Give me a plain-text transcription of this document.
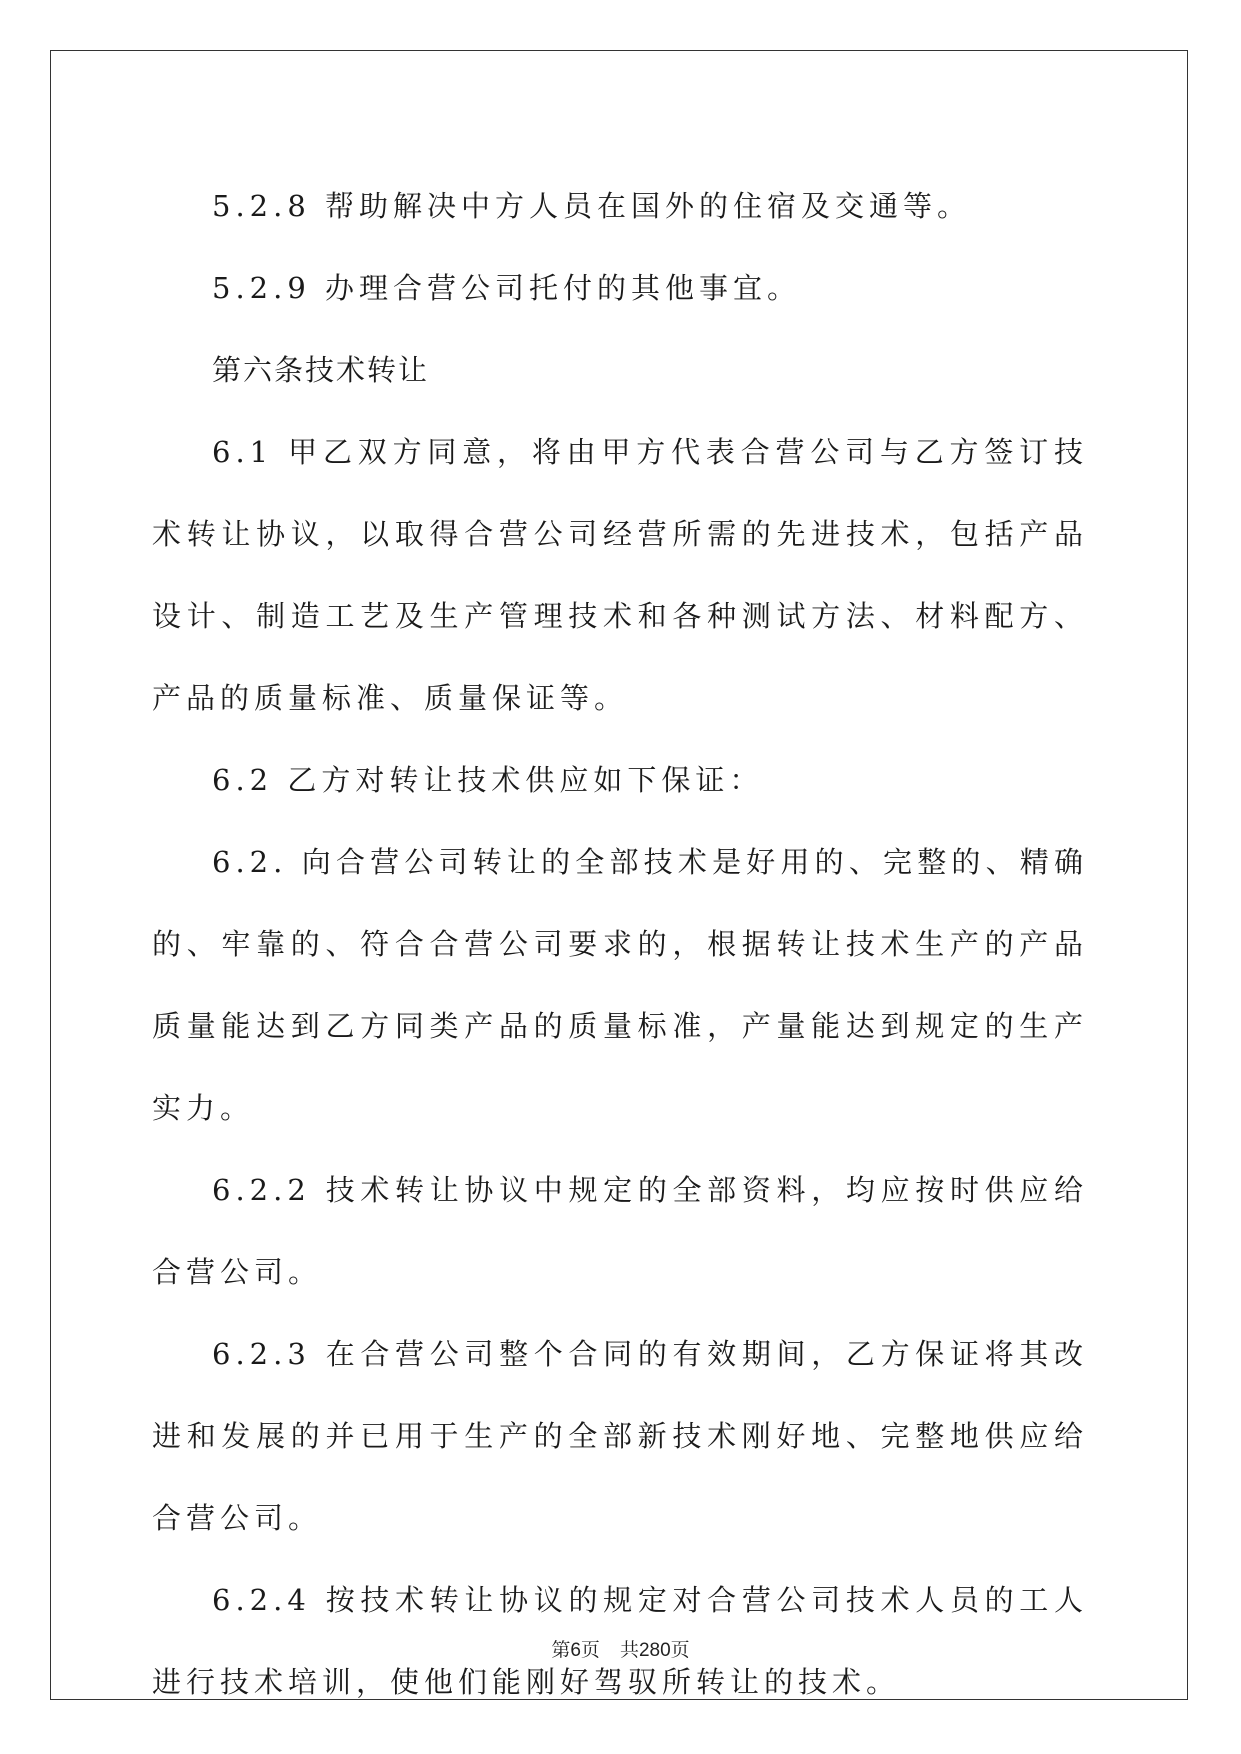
5.2.8 帮助解决中方人员在国外的住宿及交通等。

5.2.9 办理合营公司托付的其他事宜。

第六条技术转让

6.1 甲乙双方同意，将由甲方代表合营公司与乙方签订技术转让协议，以取得合营公司经营所需的先进技术，包括产品设计、制造工艺及生产管理技术和各种测试方法、材料配方、产品的质量标准、质量保证等。

6.2 乙方对转让技术供应如下保证：

6.2. 向合营公司转让的全部技术是好用的、完整的、精确的、牢靠的、符合合营公司要求的，根据转让技术生产的产品质量能达到乙方同类产品的质量标准，产量能达到规定的生产实力。

6.2.2 技术转让协议中规定的全部资料，均应按时供应给合营公司。

6.2.3 在合营公司整个合同的有效期间，乙方保证将其改进和发展的并已用于生产的全部新技术刚好地、完整地供应给合营公司。

6.2.4 按技术转让协议的规定对合营公司技术人员的工人进行技术培训，使他们能刚好驾驭所转让的技术。

第6页 共280页
